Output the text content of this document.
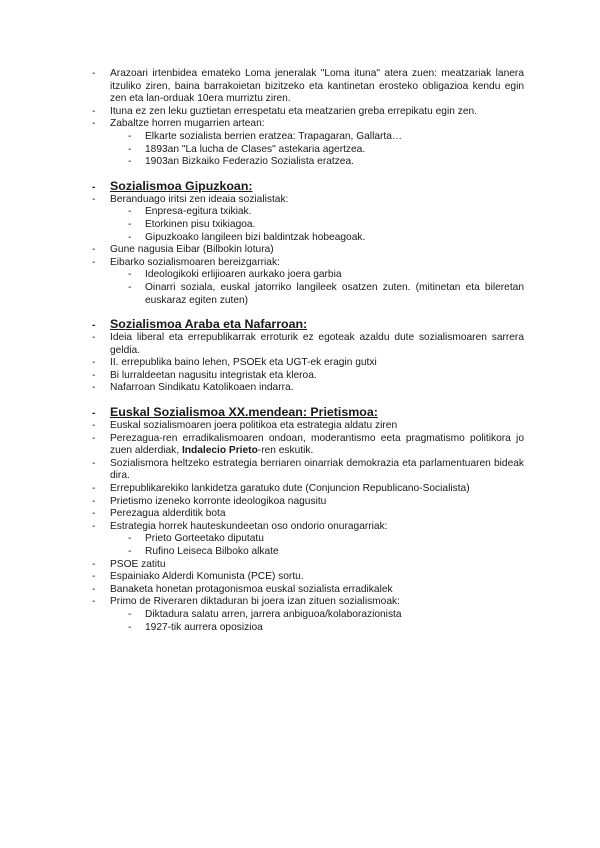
- Arazoari irtenbidea emateko Loma jeneralak "Loma ituna" atera zuen: meatzariak lanera itzuliko ziren, baina barrakoietan bizitzeko eta kantinetan erosteko obligazioa kendu egin zen eta lan-orduak 10era murriztu ziren.

- Ituna ez zen leku guztietan errespetatu eta meatzarien greba errepikatu egin zen.

- Zabaltze horren mugarrien artean:

- Elkarte sozialista berrien eratzea: Trapagaran, Gallarta…

- 1893an "La lucha de Clases" astekaria agertzea.

- 1903an Bizkaiko Federazio Sozialista eratzea.

- Sozialismoa Gipuzkoan:

- Beranduago iritsi zen ideaia sozialistak:

- Enpresa-egitura txikiak.

- Etorkinen pisu txikiagoa.

- Gipuzkoako langileen bizi baldintzak hobeagoak.

- Gune nagusia Eibar (Bilbokin lotura)

- Eibarko sozialismoaren bereizgarriak:

- Ideologikoki erlijioaren aurkako joera garbia

- Oinarri soziala, euskal jatorriko langileek osatzen zuten. (mitinetan eta bileretan euskaraz egiten zuten)

- Sozialismoa Araba eta Nafarroan:

- Ideia liberal eta errepublikarrak erroturik ez egoteak azaldu dute sozialismoaren sarrera geldia.

- II. errepublika baino lehen, PSOEk eta UGT-ek eragin gutxi

- Bi lurraldeetan nagusitu integristak eta kleroa.

- Nafarroan Sindikatu Katolikoaen indarra.

- Euskal Sozialismoa XX.mendean: Prietismoa:

- Euskal sozialismoaren joera politikoa eta estrategia aldatu ziren

- Perezagua-ren erradikalismoaren ondoan, moderantismo eeta pragmatismo politikora jo zuen alderdiak, Indalecio Prieto-ren eskutik.

- Sozialismora heltzeko estrategia berriaren oinarriak demokrazia eta parlamentuaren bideak dira.

- Errepublikarekiko lankidetza garatuko dute (Conjuncion Republicano-Socialista)

- Prietismo izeneko korronte ideologikoa nagusitu

- Perezagua alderditik bota

- Estrategia horrek hauteskundeetan oso ondorio onuragarriak:

- Prieto Gorteetako diputatu

- Rufino Leiseca Bilboko alkate

- PSOE zatitu

- Espainiako Alderdi Komunista (PCE) sortu.

- Banaketa honetan protagonismoa euskal sozialista erradikalek

- Primo de Riveraren diktaduran bi joera izan zituen sozialismoak:

- Diktadura salatu arren, jarrera anbiguoa/kolaborazionista

- 1927-tik aurrera oposizioa
